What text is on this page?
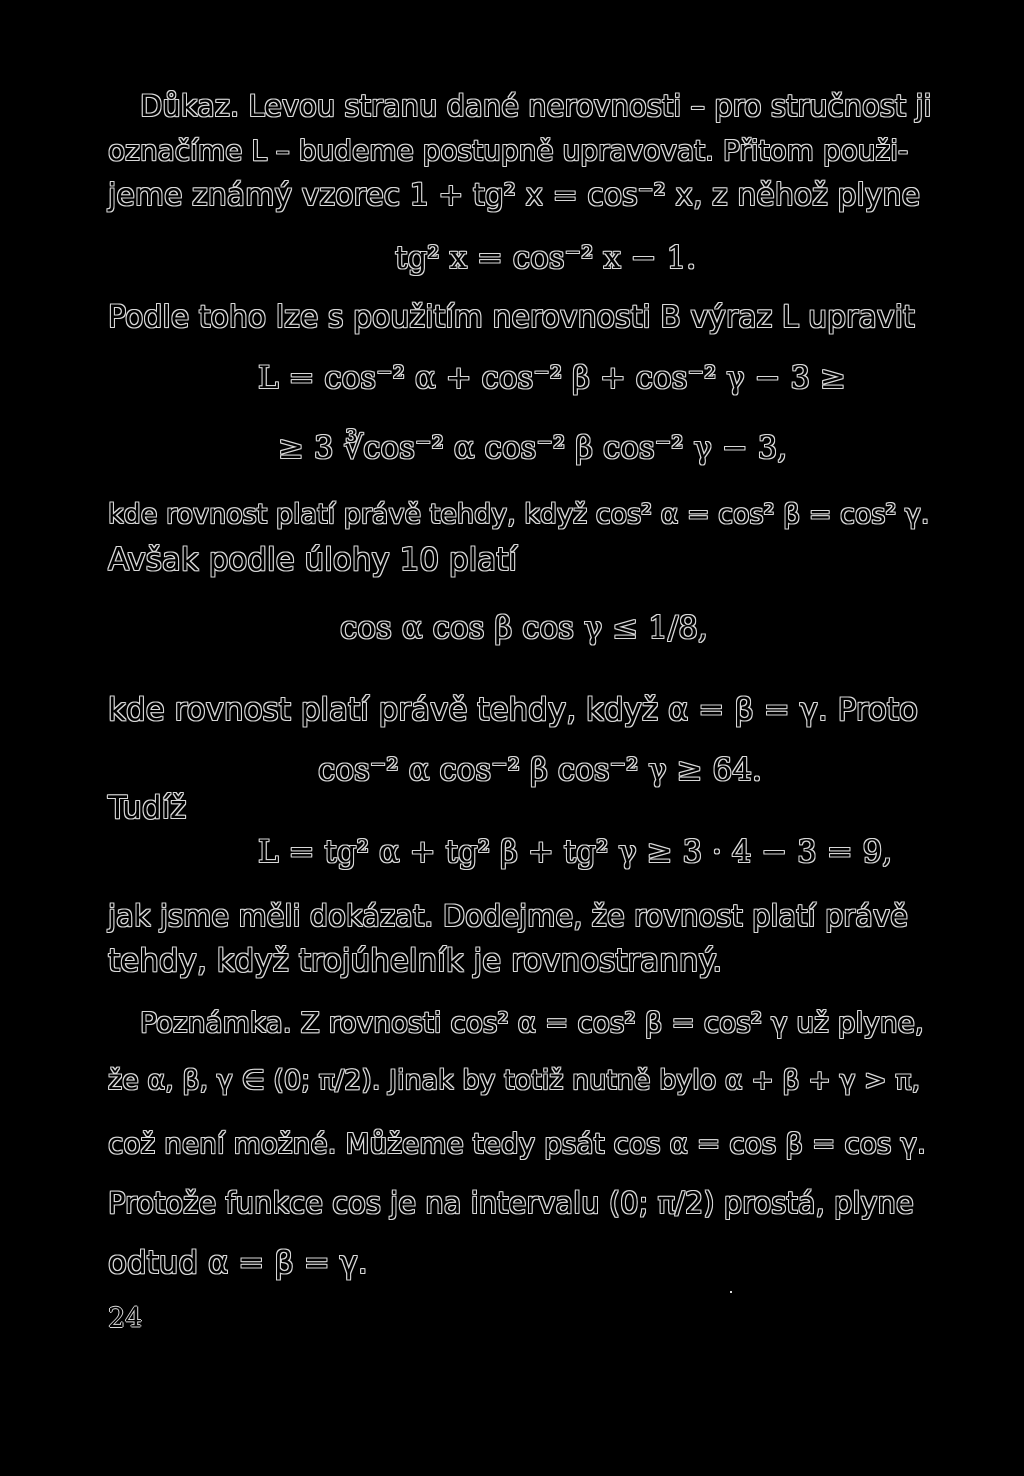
Důkaz. Levou stranu dané nerovnosti – pro stručnost ji
označíme L – budeme postupně upravovat. Přitom použi-
jeme známý vzorec 1 + tg² x = cos⁻² x, z něhož plyne
tg² x = cos⁻² x − 1.
Podle toho lze s použitím nerovnosti B výraz L upravit
L = cos⁻² α + cos⁻² β + cos⁻² γ − 3 ≥
≥ 3 ∛cos⁻² α cos⁻² β cos⁻² γ − 3,
kde rovnost platí právě tehdy, když cos² α = cos² β = cos² γ.
Avšak podle úlohy 10 platí
cos α cos β cos γ ≤ 1/8,
kde rovnost platí právě tehdy, když α = β = γ. Proto
cos⁻² α cos⁻² β cos⁻² γ ≥ 64.
Tudíž
L = tg² α + tg² β + tg² γ ≥ 3 · 4 − 3 = 9,
jak jsme měli dokázat. Dodejme, že rovnost platí právě
tehdy, když trojúhelník je rovnostranný.
Poznámka. Z rovnosti cos² α = cos² β = cos² γ už plyne,
že α, β, γ ∈ (0; π/2). Jinak by totiž nutně bylo α + β + γ > π,
což není možné. Můžeme tedy psát cos α = cos β = cos γ.
Protože funkce cos je na intervalu (0; π/2) prostá, plyne
odtud α = β = γ.
24
